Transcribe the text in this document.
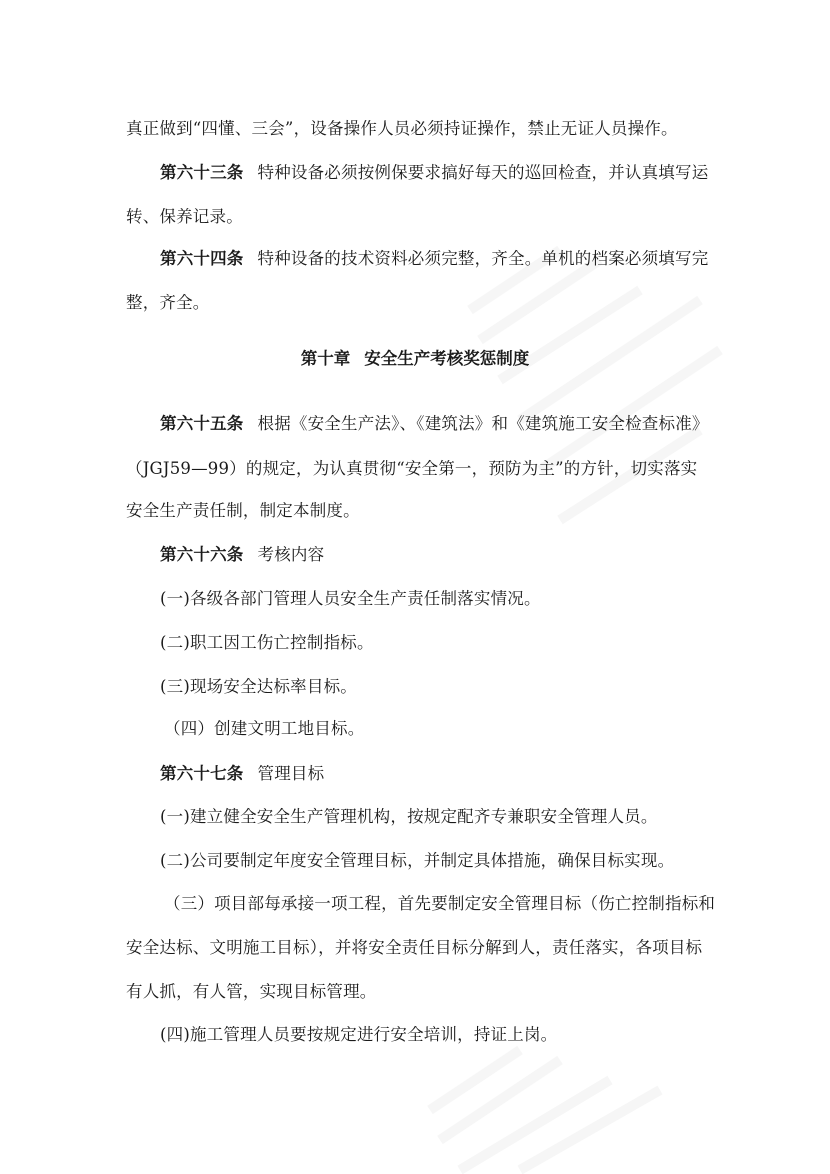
真正做到“四懂、三会”，设备操作人员必须持证操作，禁止无证人员操作。
第六十三条 特种设备必须按例保要求搞好每天的巡回检查，并认真填写运
转、保养记录。
第六十四条 特种设备的技术资料必须完整，齐全。单机的档案必须填写完
整，齐全。
第十章 安全生产考核奖惩制度
第六十五条 根据《安全生产法》、《建筑法》和《建筑施工安全检查标准》
（JGJ59—99）的规定，为认真贯彻“安全第一，预防为主”的方针，切实落实
安全生产责任制，制定本制度。
第六十六条 考核内容
(一)各级各部门管理人员安全生产责任制落实情况。
(二)职工因工伤亡控制指标。
(三)现场安全达标率目标。
（四）创建文明工地目标。
第六十七条 管理目标
(一)建立健全安全生产管理机构，按规定配齐专兼职安全管理人员。
(二)公司要制定年度安全管理目标，并制定具体措施，确保目标实现。
（三）项目部每承接一项工程，首先要制定安全管理目标（伤亡控制指标和
安全达标、文明施工目标），并将安全责任目标分解到人，责任落实，各项目标
有人抓，有人管，实现目标管理。
(四)施工管理人员要按规定进行安全培训，持证上岗。
